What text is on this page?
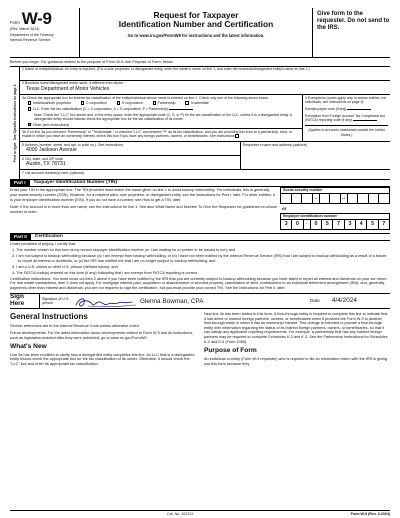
Form W-9
(Rev. March 2024)
Department of the Treasury
Internal Revenue Service
Request for Taxpayer
Identification Number and Certification
Go to www.irs.gov/FormW9 for instructions and the latest information.
Give form to the requester. Do not send to the IRS.
Before you begin. For guidance related to the purpose of Form W-9, see Purpose of Form, below.
Print or type.  See Specific Instructions on page 3.
1 Name of entity/individual. An entry is required. (For a sole proprietor or disregarded entity, enter the owner's name on line 1, and enter the business/disregarded entity's name on line 2.)
2 Business name/disregarded entity name, if different from above.
Texas Department of Motor Vehicles
3a Check the appropriate box for federal tax classification of the entity/individual whose name is entered on line 1. Check only one of the following seven boxes.
Individual/sole proprietor	C corporation	S corporation	Partnership	Trust/estate
LLC. Enter the tax classification (C = C corporation, S = S corporation, P = Partnership)
Note: Check the "LLC" box above and, in the entry space, enter the appropriate code (C, S, or P) for the tax classification of the LLC, unless it is a disregarded entity. A disregarded entity should instead check the appropriate box for the tax classification of its owner.
✓Other (see instructions)
3b If on line 3a you checked "Partnership" or "Trust/estate," or checked "LLC" and entered "P" as its tax classification, and you are providing this form to a partnership, trust, or estate in which you have an ownership interest, check this box if you have any foreign partners, owners, or beneficiaries. See instructions

4 Exemptions (codes apply only to certain entities, not individuals; see instructions on page 3):

Exempt payee code (if any)

Exemption from Foreign Account Tax Compliance Act (FATCA) reporting code (if any)

(Applies to accounts maintained outside the United States.)

5 Address (number, street, and apt. or suite no.). See instructions.
4000 Jackson Avenue
6 City, state, and ZIP code
Austin, TX 78731
Requester's name and address (optional)
7 List account number(s) here (optional)
Part I	Taxpayer Identification Number (TIN)

Enter your TIN in the appropriate box. The TIN provided must match the name given on line 1 to avoid backup withholding. For individuals, this is generally your social security number (SSN). However, for a resident alien, sole proprietor, or disregarded entity, see the instructions for Part I, later. For other entities, it is your employer identification number (EIN). If you do not have a number, see How to get a TIN, later.

Note: If the account is in more than one name, see the instructions for line 1. See also What Name and Number To Give the Requester for guidelines on whose number to enter.

Social security number
–	–
or
Employer identification number
3	0	-	0	5	7	3	4	5	7
Part II	Certification

Under penalties of perjury, I certify that:

1. The number shown on this form is my correct taxpayer identification number (or I am waiting for a number to be issued to me); and

2. I am not subject to backup withholding because (a) I am exempt from backup withholding, or (b) I have not been notified by the Internal Revenue Service (IRS) that I am subject to backup withholding as a result of a failure to report all interest or dividends, or (c) the IRS has notified me that I am no longer subject to backup withholding; and

3. I am a U.S. citizen or other U.S. person (defined below); and

4. The FATCA code(s) entered on this form (if any) indicating that I am exempt from FATCA reporting is correct.

Certification instructions. You must cross out item 2 above if you have been notified by the IRS that you are currently subject to backup withholding because you have failed to report all interest and dividends on your tax return. For real estate transactions, item 2 does not apply. For mortgage interest paid, acquisition or abandonment of secured property, cancellation of debt, contributions to an individual retirement arrangement (IRA), and, generally, payments other than interest and dividends, you are not required to sign the certification, but you must provide your correct TIN. See the instructions for Part II, later.

Sign
Here
Signature of U.S. person	Glenna Bowman, CPA	Date	4/4/2024
General Instructions

Section references are to the Internal Revenue Code unless otherwise noted.

Future developments. For the latest information about developments related to Form W-9 and its instructions, such as legislation enacted after they were published, go to www.irs.gov/FormW9.

What's New

Line 3a has been modified to clarify how a disregarded entity completes this line. An LLC that is a disregarded entity should check the appropriate box for the tax classification of its owner. Otherwise, it should check the "LLC" box and enter its appropriate tax classification.

New line 3b has been added to this form. A flow-through entity is required to complete this line to indicate that it has direct or indirect foreign partners, owners, or beneficiaries when it provides the Form W-9 to another flow-through entity in which it has an ownership interest. This change is intended to provide a flow-through entity with information regarding the status of its indirect foreign partners, owners, or beneficiaries, so that it can satisfy any applicable reporting requirements. For example, a partnership that has any indirect foreign partners may be required to complete Schedules K-2 and K-3. See the Partnership Instructions for Schedules K-2 and K-3 (Form 1065).

Purpose of Form

An individual or entity (Form W-9 requester) who is required to file an information return with the IRS is giving you this form because they

Cat. No. 10231X	Form W-9 (Rev. 3-2024)
